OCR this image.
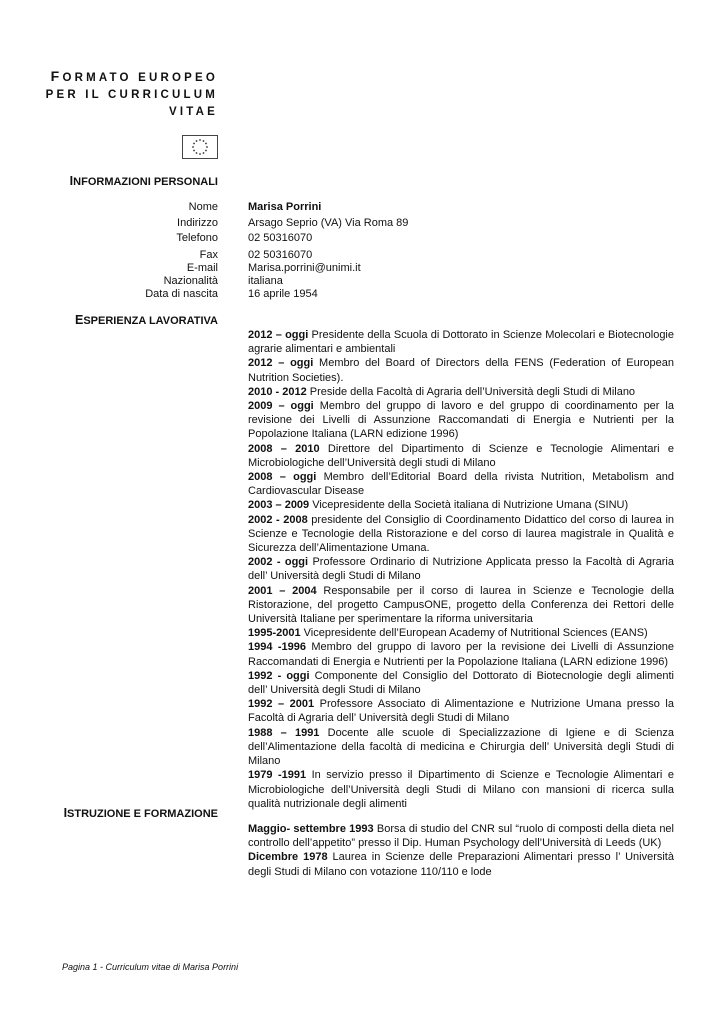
FORMATO EUROPEO
PER IL CURRICULUM
VITAE
INFORMAZIONI PERSONALI
ESPERIENZA LAVORATIVA
ISTRUZIONE E FORMAZIONE
Nome
Indirizzo
Telefono
Fax
E-mail
Nazionalità
Data di nascita
Marisa Porrini
Arsago Seprio (VA) Via Roma 89
02 50316070
02 50316070
Marisa.porrini@unimi.it
italiana
16 aprile 1954

2012 – oggi Presidente della Scuola di Dottorato in Scienze Molecolari e Biotecnologie agrarie alimentari e ambientali

2012 – oggi Membro del Board of Directors della FENS (Federation of European Nutrition Societies).

2010 - 2012 Preside della Facoltà di Agraria dell’Università degli Studi di Milano

2009 – oggi Membro del gruppo di lavoro e del gruppo di coordinamento per la revisione dei Livelli di Assunzione Raccomandati di Energia e Nutrienti per la Popolazione Italiana (LARN edizione 1996)

2008 – 2010 Direttore del Dipartimento di Scienze e Tecnologie Alimentari e Microbiologiche dell’Università degli studi di Milano

2008 – oggi Membro dell’Editorial Board della rivista Nutrition, Metabolism and Cardiovascular Disease

2003 – 2009 Vicepresidente della Società italiana di Nutrizione Umana (SINU)

2002 - 2008 presidente del Consiglio di Coordinamento Didattico del corso di laurea in Scienze e Tecnologie della Ristorazione e del corso di laurea magistrale in Qualità e Sicurezza dell’Alimentazione Umana.

2002 - oggi Professore Ordinario di Nutrizione Applicata presso la Facoltà di Agraria dell’ Università degli Studi di Milano

2001 – 2004 Responsabile per il corso di laurea in Scienze e Tecnologie della Ristorazione, del progetto CampusONE, progetto della Conferenza dei Rettori delle Università Italiane per sperimentare la riforma universitaria

1995-2001 Vicepresidente dell’European Academy of Nutritional Sciences (EANS)

1994 -1996 Membro del gruppo di lavoro per la revisione dei Livelli di Assunzione Raccomandati di Energia e Nutrienti per la Popolazione Italiana (LARN edizione 1996)

1992 - oggi Componente del Consiglio del Dottorato di Biotecnologie degli alimenti dell’ Università degli Studi di Milano

1992 – 2001 Professore Associato di Alimentazione e Nutrizione Umana presso la Facoltà di Agraria dell’ Università degli Studi di Milano

1988 – 1991 Docente alle scuole di Specializzazione di Igiene e di Scienza dell’Alimentazione della facoltà di medicina e Chirurgia dell’ Università degli Studi di Milano

1979 -1991 In servizio presso il Dipartimento di Scienze e Tecnologie Alimentari e Microbiologiche dell’Università degli Studi di Milano con mansioni di ricerca sulla qualità nutrizionale degli alimenti

Maggio- settembre 1993 Borsa di studio del CNR sul “ruolo di composti della dieta nel controllo dell’appetito” presso il Dip. Human Psychology dell’Università di Leeds (UK)

Dicembre 1978 Laurea in Scienze delle Preparazioni Alimentari presso l’ Università degli Studi di Milano con votazione 110/110 e lode

Pagina 1 - Curriculum vitae di Marisa Porrini
